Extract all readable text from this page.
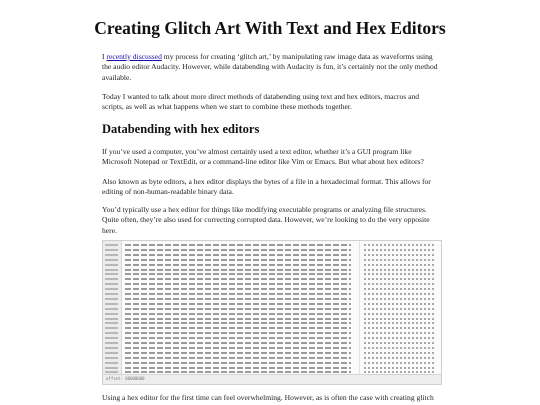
Creating Glitch Art With Text and Hex Editors

I recently discussed my process for creating ‘glitch art,’ by manipulating raw image data as waveforms using the audio editor Audacity. However, while databending with Audacity is fun, it’s certainly not the only method available.

Today I wanted to talk about more direct methods of databending using text and hex editors, macros and scripts, as well as what happens when we start to combine these methods together.

Databending with hex editors

If you’ve used a computer, you’ve almost certainly used a text editor, whether it’s a GUI program like Microsoft Notepad or TextEdit, or a command-line editor like Vim or Emacs. But what about hex editors?

Also known as byte editors, a hex editor displays the bytes of a file in a hexadecimal format. This allows for editing of non-human-readable binary data.

You’d typically use a hex editor for things like modifying executable programs or analyzing file structures. Quite often, they’re also used for correcting corrupted data. However, we’re looking to do the very opposite here.

offset: 00000000

Using a hex editor for the first time can feel overwhelming. However, as is often the case with creating glitch
